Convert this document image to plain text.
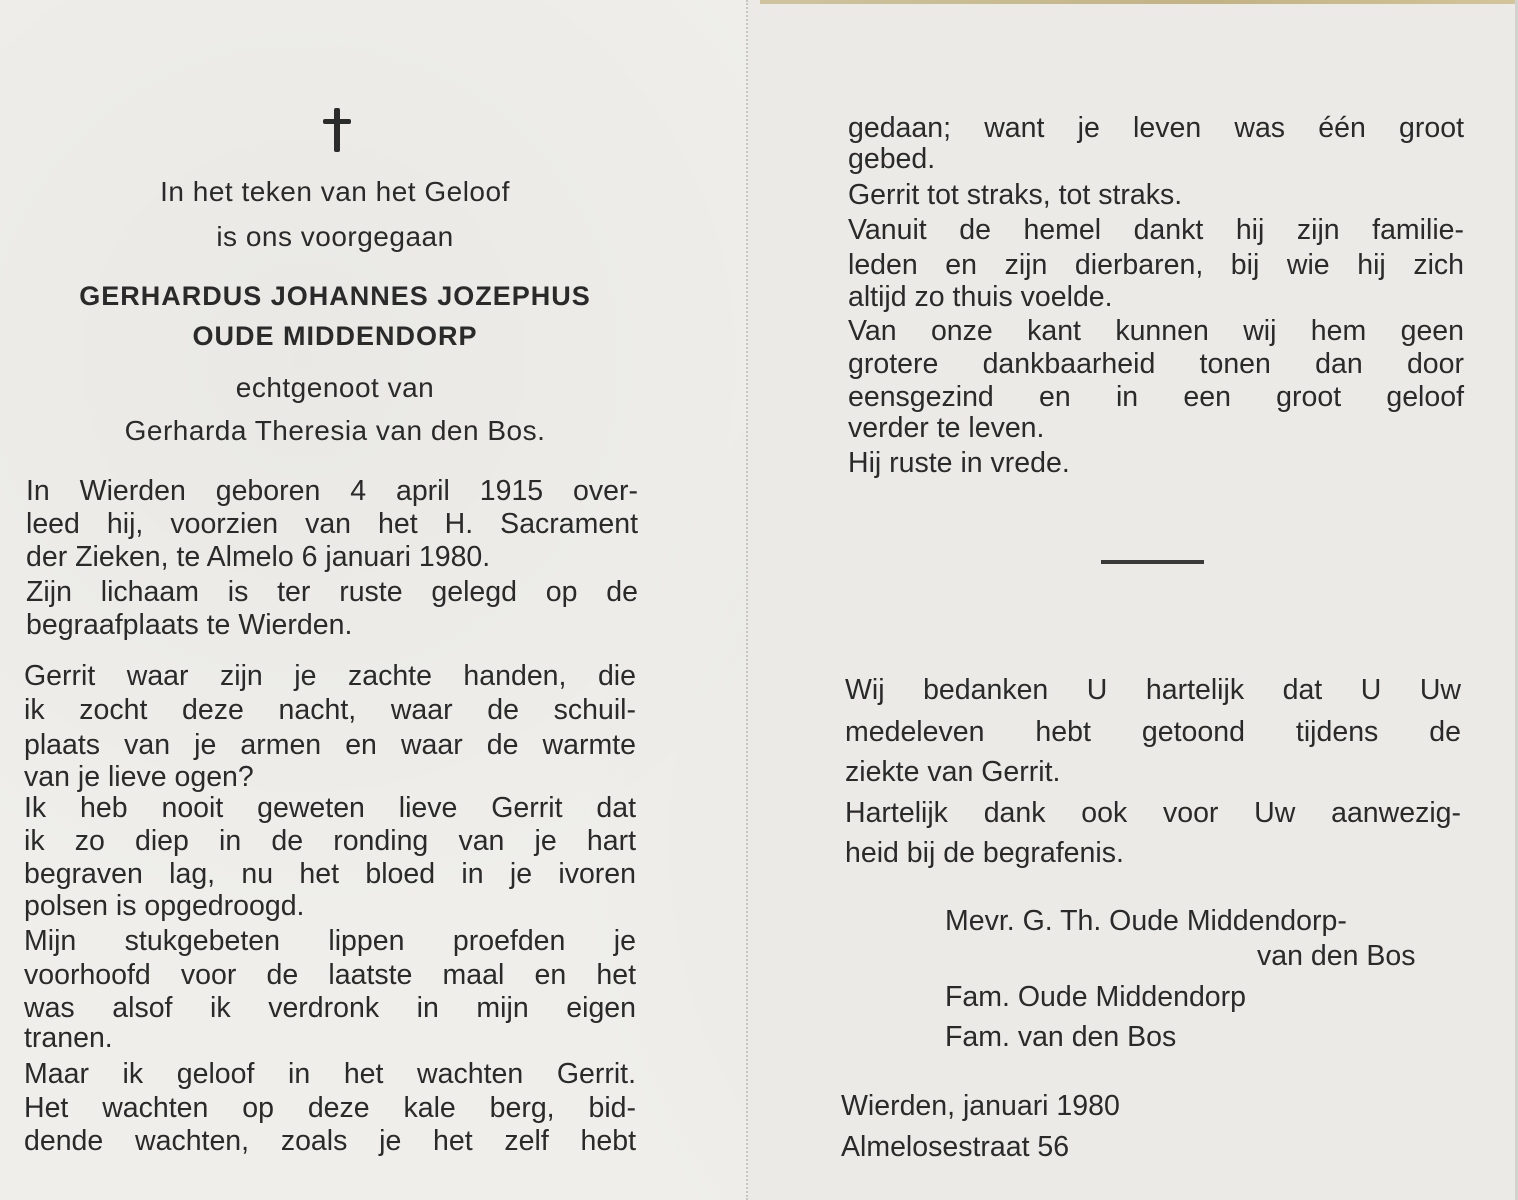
In het teken van het Geloof
is ons voorgegaan
GERHARDUS JOHANNES JOZEPHUS
OUDE MIDDENDORP
echtgenoot van
Gerharda Theresia van den Bos.
In Wierden geboren 4 april 1915 over-
leed hij, voorzien van het H. Sacrament
der Zieken, te Almelo 6 januari 1980.
Zijn lichaam is ter ruste gelegd op de
begraafplaats te Wierden.
Gerrit waar zijn je zachte handen, die
ik zocht deze nacht, waar de schuil-
plaats van je armen en waar de warmte
van je lieve ogen?
Ik heb nooit geweten lieve Gerrit dat
ik zo diep in de ronding van je hart
begraven lag, nu het bloed in je ivoren
polsen is opgedroogd.
Mijn stukgebeten lippen proefden je
voorhoofd voor de laatste maal en het
was alsof ik verdronk in mijn eigen
tranen.
Maar ik geloof in het wachten Gerrit.
Het wachten op deze kale berg, bid-
dende wachten, zoals je het zelf hebt
gedaan; want je leven was één groot
gebed.
Gerrit tot straks, tot straks.
Vanuit de hemel dankt hij zijn familie-
leden en zijn dierbaren, bij wie hij zich
altijd zo thuis voelde.
Van onze kant kunnen wij hem geen
grotere dankbaarheid tonen dan door
eensgezind en in een groot geloof
verder te leven.
Hij ruste in vrede.
Wij bedanken U hartelijk dat U Uw
medeleven hebt getoond tijdens de
ziekte van Gerrit.
Hartelijk dank ook voor Uw aanwezig-
heid bij de begrafenis.
Mevr. G. Th. Oude Middendorp-
van den Bos
Fam. Oude Middendorp
Fam. van den Bos
Wierden, januari 1980
Almelosestraat 56
